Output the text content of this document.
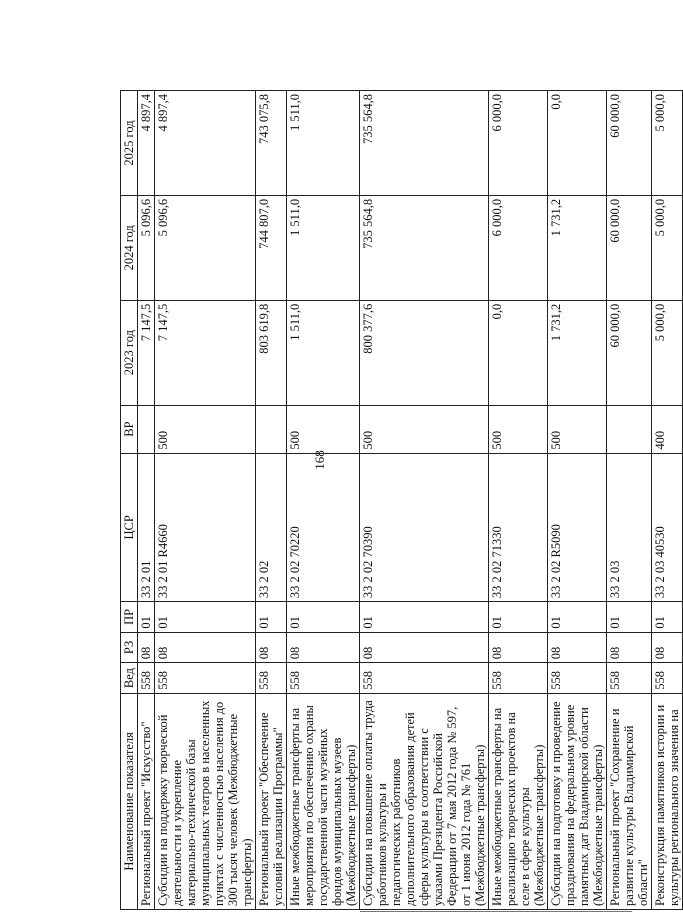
168
Наименование показателя	Вед	РЗ	ПР	ЦСР	ВР	2023 год	2024 год	2025 год
Региональный проект "Искусство"	558	08	01	33 2 01		7 147,5	5 096,6	4 897,4
Субсидии на поддержку творческой деятельности и укрепление материально-технической базы муниципальных театров в населенных пунктах с численностью населения до 300 тысяч человек (Межбюджетные трансферты)	558	08	01	33 2 01 R4660	500	7 147,5	5 096,6	4 897,4
Региональный проект "Обеспечение условий реализации Программы"	558	08	01	33 2 02		803 619,8	744 807,0	743 075,8
Иные межбюджетные трансферты на мероприятия по обеспечению охраны государственной части музейных фондов муниципальных музеев (Межбюджетные трансферты)	558	08	01	33 2 02 70220	500	1 511,0	1 511,0	1 511,0
Субсидии на повышение оплаты труда работников культуры и педагогических работников дополнительного образования детей сферы культуры в соответствии с указами Президента Российской Федерации от 7 мая 2012 года № 597, от 1 июня 2012 года № 761 (Межбюджетные трансферты)	558	08	01	33 2 02 70390	500	800 377,6	735 564,8	735 564,8
Иные межбюджетные трансферты на реализацию творческих проектов на селе в сфере культуры (Межбюджетные трансферты)	558	08	01	33 2 02 71330	500	0,0	6 000,0	6 000,0
Субсидии на подготовку и проведение празднования на федеральном уровне памятных дат Владимирской области (Межбюджетные трансферты)	558	08	01	33 2 02 R5090	500	1 731,2	1 731,2	0,0
Региональный проект "Сохранение и развитие культуры Владимирской области"	558	08	01	33 2 03		60 000,0	60 000,0	60 000,0
Реконструкция памятников истории и культуры регионального значения на	558	08	01	33 2 03 40530	400	5 000,0	5 000,0	5 000,0
